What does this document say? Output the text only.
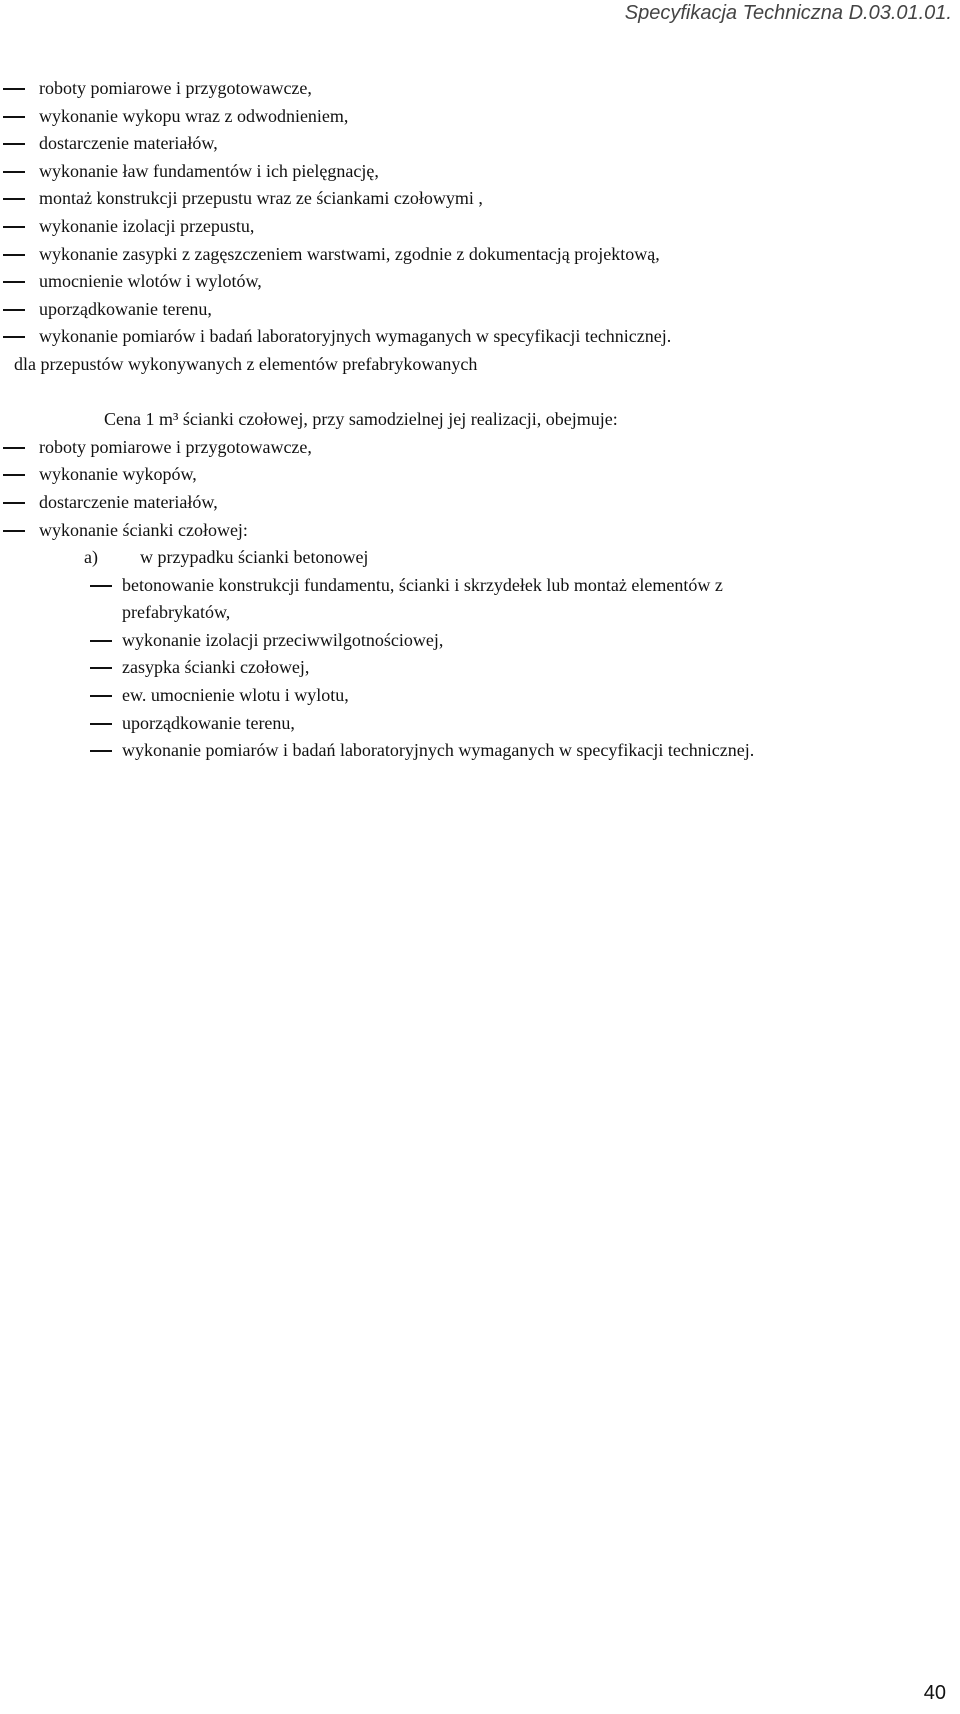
Specyfikacja Techniczna D.03.01.01.
roboty pomiarowe i przygotowawcze,
wykonanie wykopu wraz z odwodnieniem,
dostarczenie materiałów,
wykonanie ław fundamentów i ich pielęgnację,
montaż konstrukcji przepustu wraz ze ściankami czołowymi ,
wykonanie izolacji przepustu,
wykonanie zasypki z zagęszczeniem warstwami, zgodnie z dokumentacją projektową,
umocnienie wlotów i wylotów,
uporządkowanie terenu,
wykonanie pomiarów i badań laboratoryjnych wymaganych w specyfikacji technicznej.
dla przepustów wykonywanych z elementów prefabrykowanych
Cena 1 m³ ścianki czołowej, przy samodzielnej jej realizacji, obejmuje:
roboty pomiarowe i przygotowawcze,
wykonanie wykopów,
dostarczenie materiałów,
wykonanie ścianki czołowej:
a) w przypadku ścianki betonowej
betonowanie konstrukcji fundamentu, ścianki i skrzydełek lub montaż elementów z
prefabrykatów,
wykonanie izolacji przeciwwilgotnościowej,
zasypka ścianki czołowej,
ew. umocnienie wlotu i wylotu,
uporządkowanie terenu,
wykonanie pomiarów i badań laboratoryjnych wymaganych w specyfikacji technicznej.
40
